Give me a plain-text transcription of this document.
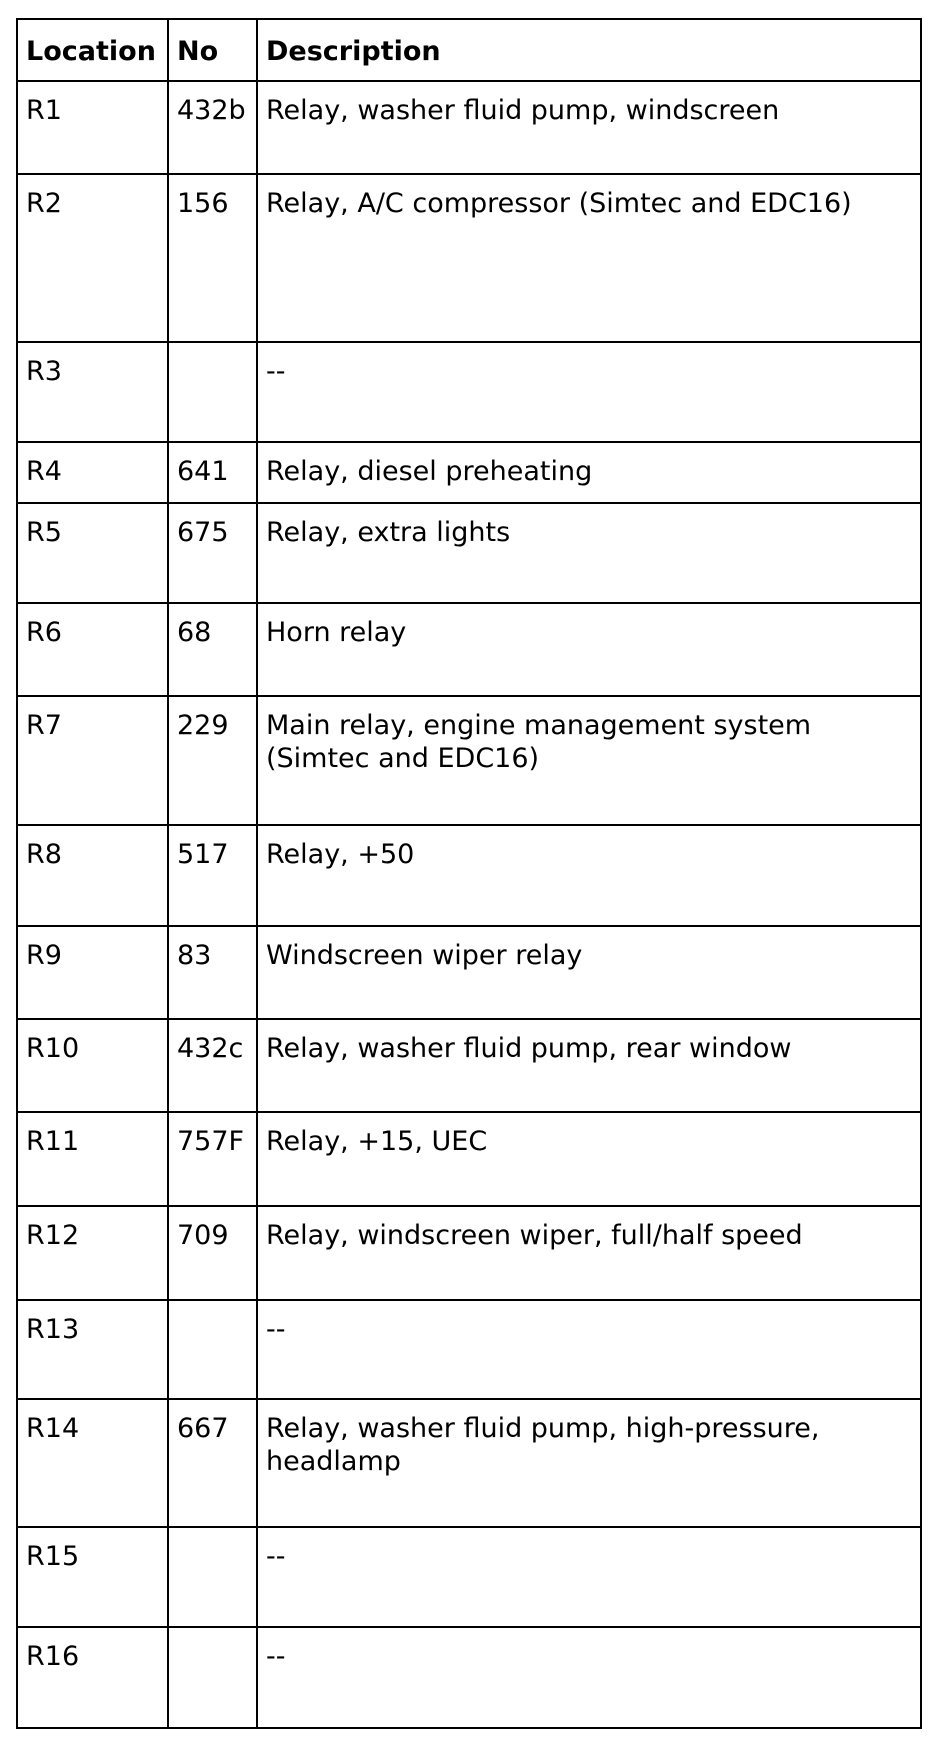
Location	No	Description
R1	432b	Relay, washer fluid pump, windscreen
R2	156	Relay, A/C compressor (Simtec and EDC16)
R3		--
R4	641	Relay, diesel preheating
R5	675	Relay, extra lights
R6	68	Horn relay
R7	229	Main relay, engine management system (Simtec and EDC16)
R8	517	Relay, +50
R9	83	Windscreen wiper relay
R10	432c	Relay, washer fluid pump, rear window
R11	757F	Relay, +15, UEC
R12	709	Relay, windscreen wiper, full/half speed
R13		--
R14	667	Relay, washer fluid pump, high-pressure, headlamp
R15		--
R16		--
